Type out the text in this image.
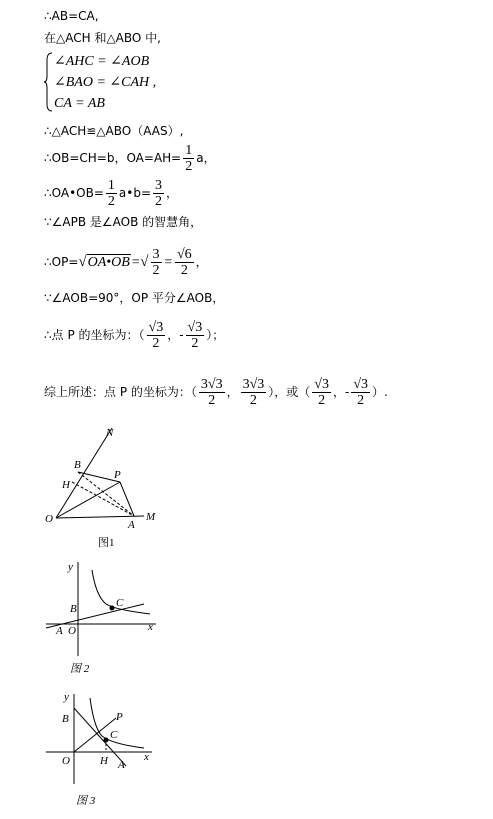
∴AB=CA,
在△ACH 和△ABO 中,
∠AHC = ∠AOB
∠BAO = ∠CAH ,
CA = AB
∴△ACH≌△ABO（AAS）,
∴OB=CH=b，$OA=AH= \frac{1}{2}$ a，
∴OA•OB= $\frac{1}{2}$ a•b= $\frac{3}{2}$ ，
∵∠APB 是∠AOB 的智慧角，
∴OP=√OA•OB=√ $\frac{3}{2} = \frac{√6}{2}$ ，
∵∠AOB=90°，OP 平分∠AOB，
∴点 P 的坐标为：（ $\frac{√3}{2}$ ，- $\frac{√3}{2}$ ）；
综上所述：点 P 的坐标为：（ $\frac{3√3}{2}$ ， $\frac{3√3}{2}$ ），或（ $\frac{√3}{2}$ ，- $\frac{√3}{2}$ ）.
N
B
H
P
O	A
M
图1
y
B	C
A O	x
图 2
y
B	P
C
O	H A
x
图 3
